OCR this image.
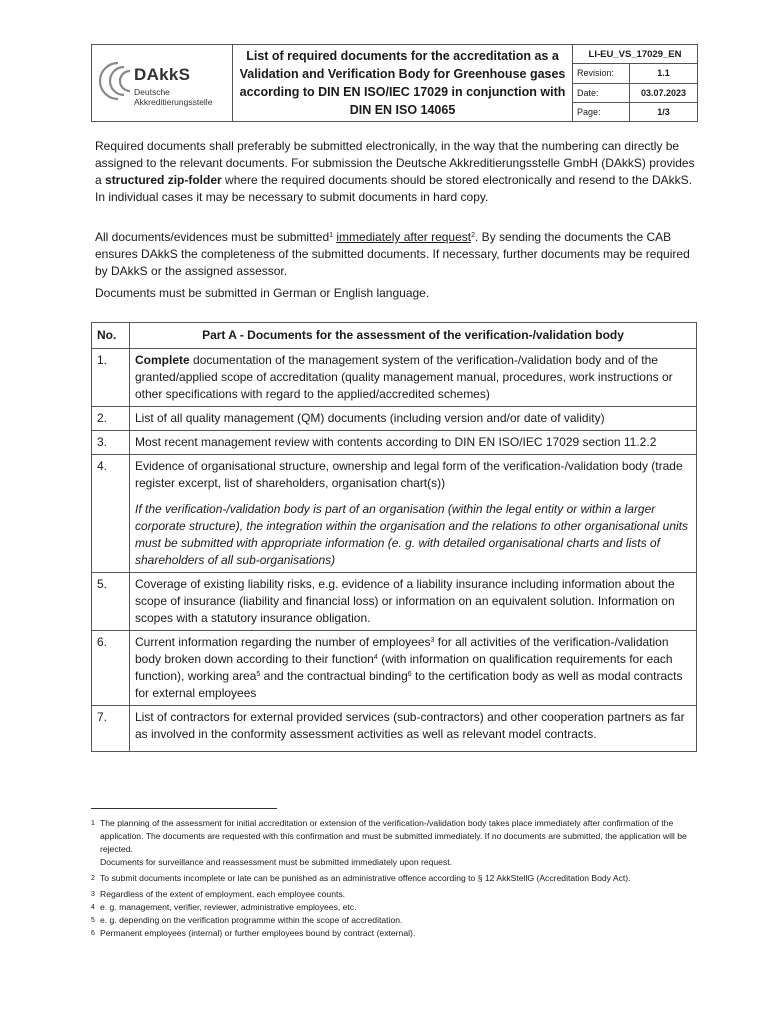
DAkkS
Deutsche
Akkreditierungsstelle
List of required documents for the accreditation as a Validation and Verification Body for Greenhouse gases according to DIN EN ISO/IEC 17029 in conjunction with DIN EN ISO 14065
LI-EU_VS_17029_EN
Revision:	1.1
Date:	03.07.2023
Page:	1/3

Required documents shall preferably be submitted electronically, in the way that the numbering can directly be assigned to the relevant documents. For submission the Deutsche Akkreditierungsstelle GmbH (DAkkS) provides a structured zip-folder where the required documents should be stored electronically and resend to the DAkkS. In individual cases it may be necessary to submit documents in hard copy.

All documents/evidences must be submitted$^1$ immediately after request$^2$. By sending the documents the CAB ensures DAkkS the completeness of the submitted documents. If necessary, further documents may be required by DAkkS or the assigned assessor.

Documents must be submitted in German or English language.

No.	Part A - Documents for the assessment of the verification-/validation body
1.	Complete documentation of the management system of the verification-/validation body and of the granted/applied scope of accreditation (quality management manual, procedures, work instructions or other specifications with regard to the applied/accredited schemes)
2.	List of all quality management (QM) documents (including version and/or date of validity)
3.	Most recent management review with contents according to DIN EN ISO/IEC 17029 section 11.2.2
4.	Evidence of organisational structure, ownership and legal form of the verification-/validation body (trade register excerpt, list of shareholders, organisation chart(s))
If the verification-/validation body is part of an organisation (within the legal entity or within a larger corporate structure), the integration within the organisation and the relations to other organisational units must be submitted with appropriate information (e. g. with detailed organisational charts and lists of shareholders of all sub-organisations)

5.	Coverage of existing liability risks, e.g. evidence of a liability insurance including information about the scope of insurance (liability and financial loss) or information on an equivalent solution. Information on scopes with a statutory insurance obligation.
6.	Current information regarding the number of employees$^3$ for all activities of the verification-/validation body broken down according to their function$^4$ (with information on qualification requirements for each function), working area$^5$ and the contractual binding$^6$ to the certification body as well as modal contracts for external employees
7.	List of contractors for external provided services (sub-contractors) and other cooperation partners as far as involved in the conformity assessment activities as well as relevant model contracts.
1 The planning of the assessment for initial accreditation or extension of the verification-/validation body takes place immediately after confirmation of the application. The documents are requested with this confirmation and must be submitted immediately. If no documents are submitted, the application will be rejected.
Documents for surveillance and reassessment must be submitted immediately upon request.
2 To submit documents incomplete or late can be punished as an administrative offence according to § 12 AkkStellG (Accreditation Body Act).
3 Regardless of the extent of employment, each employee counts.
4 e. g. management, verifier, reviewer, administrative employees, etc.
5 e. g. depending on the verification programme within the scope of accreditation.
6 Permanent employees (internal) or further employees bound by contract (external).
